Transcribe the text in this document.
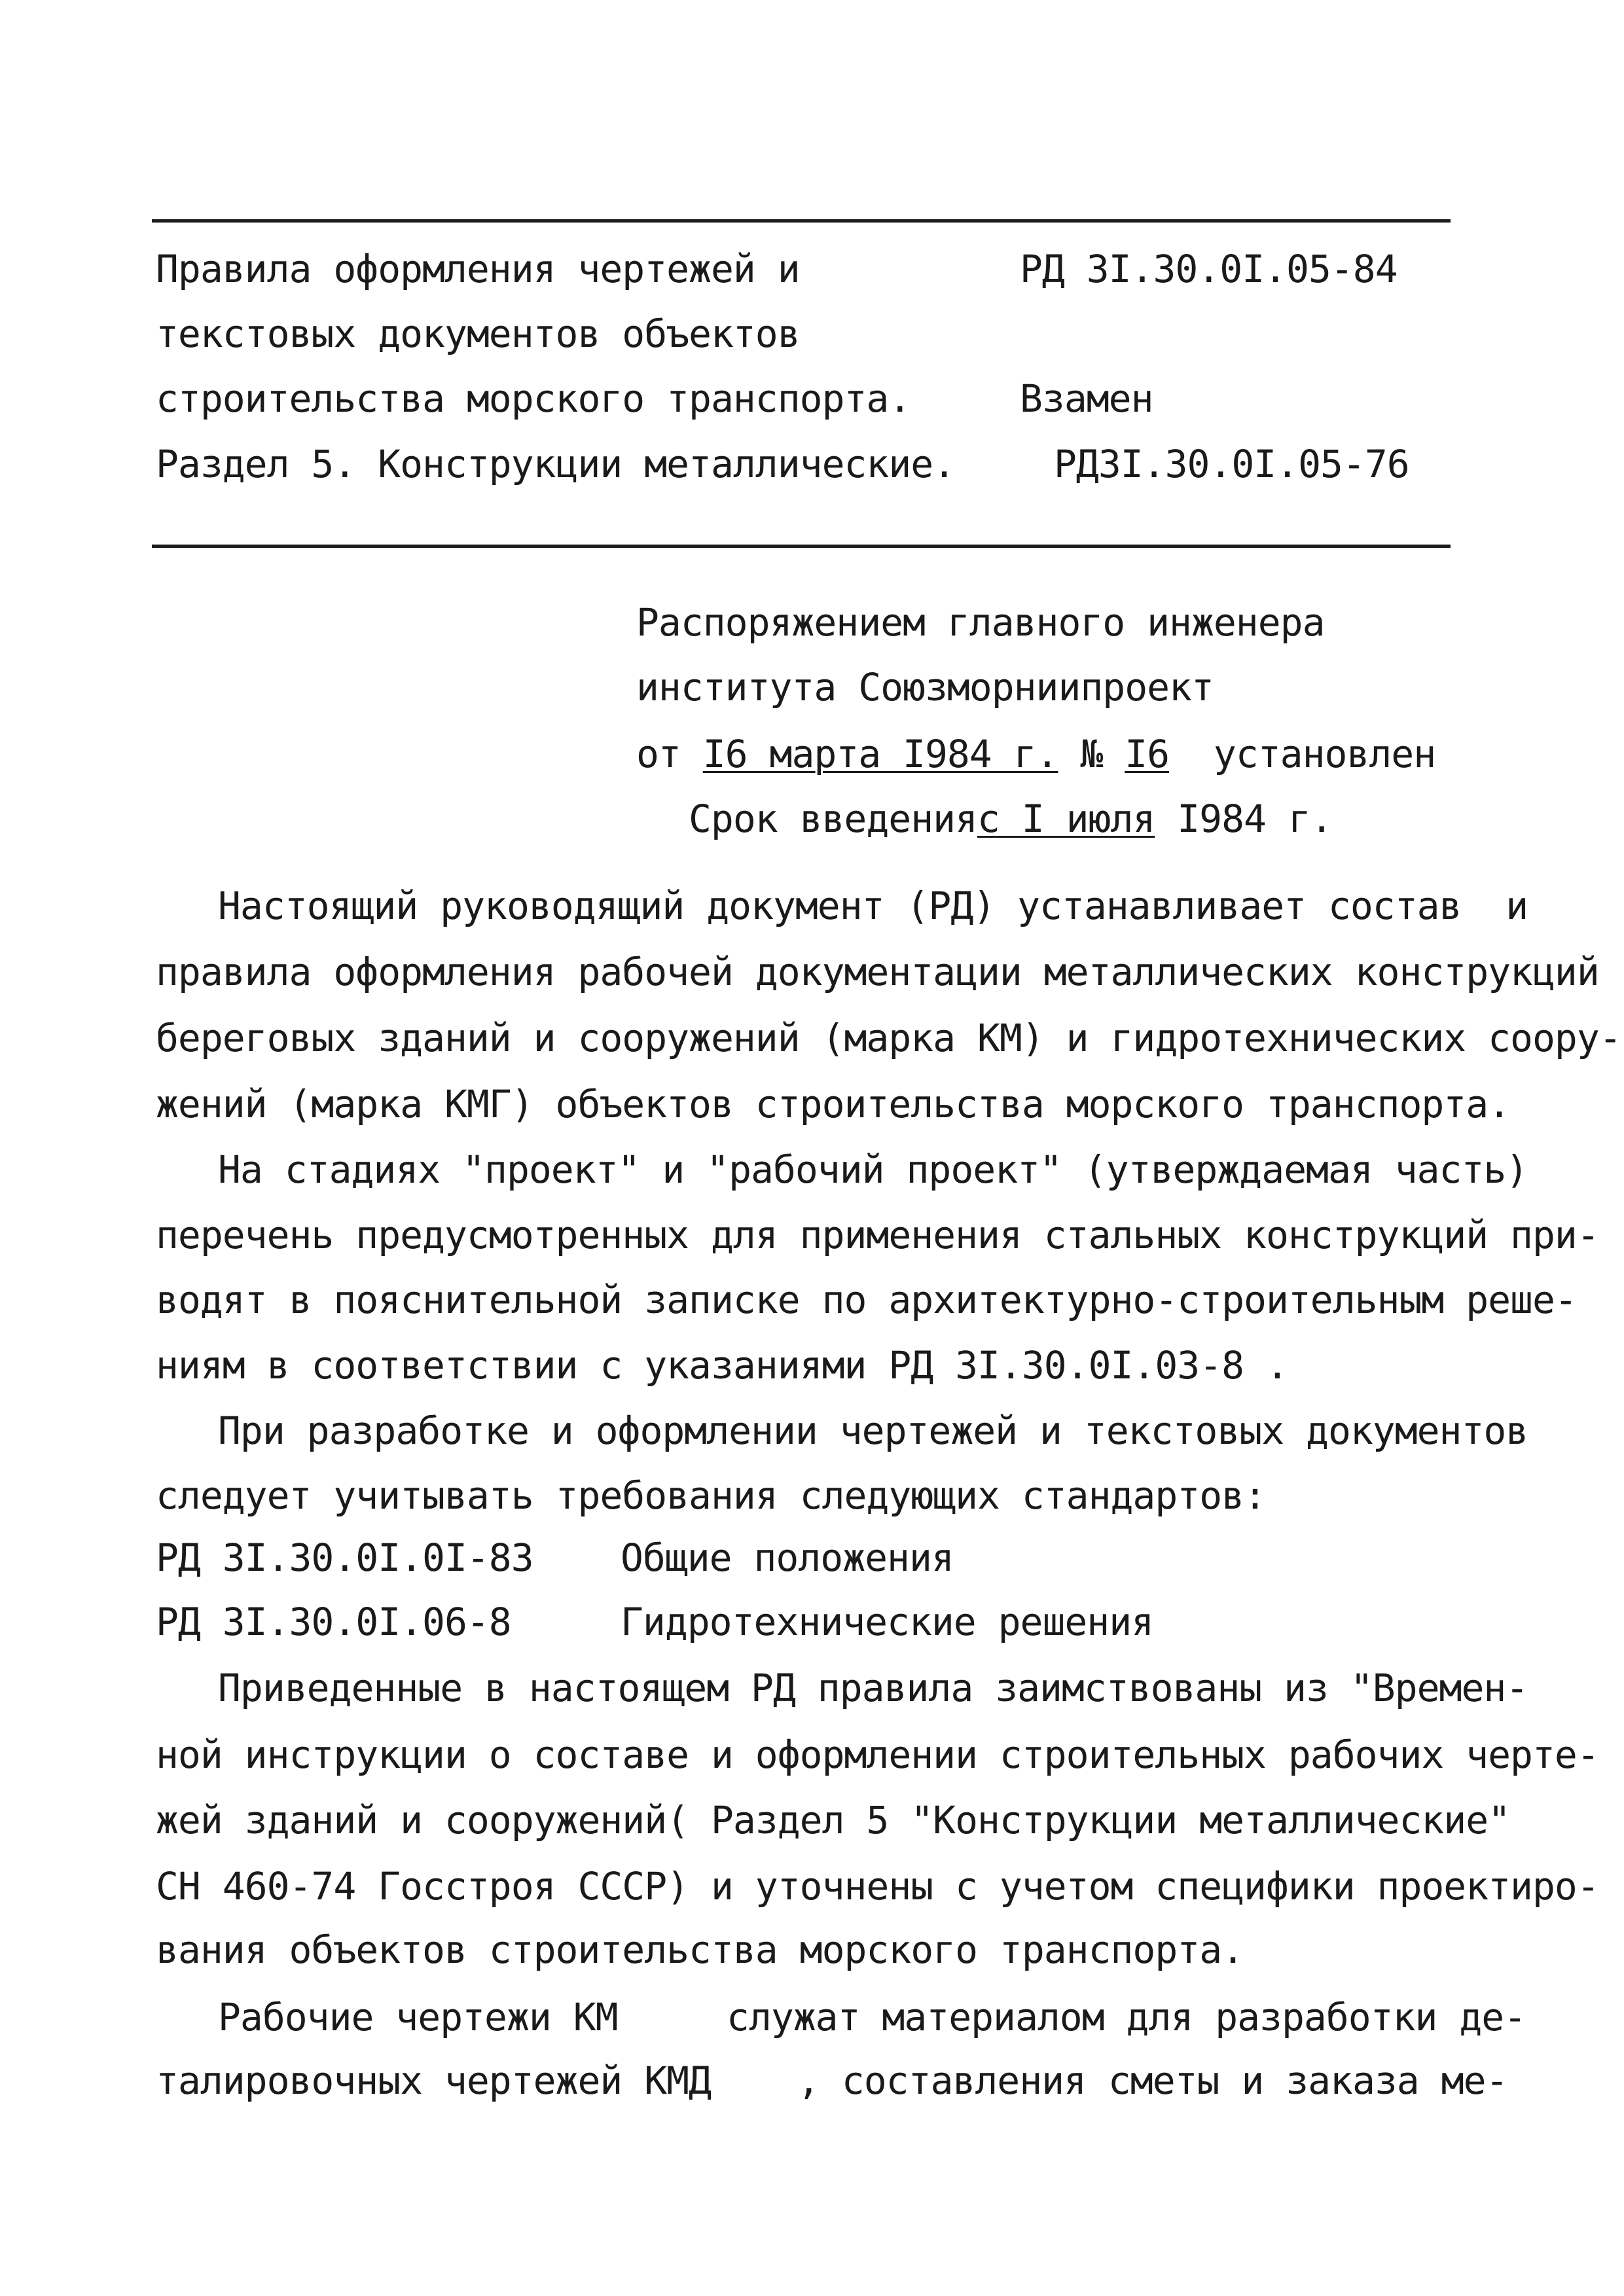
Правила оформления чертежей и
текстовых документов объектов
строительства морского транспорта.
Раздел 5. Конструкции металлические.
РД 3I.30.0I.05-84
Взамен
РД3I.30.0I.05-76
Распоряжением главного инженера
института Союзморниипроект
от I6 марта I984 г. № I6 установлен
Срок введенияс I июля I984 г.
Настоящий руководящий документ (РД) устанавливает состав  и
правила оформления рабочей документации металлических конструкций
береговых зданий и сооружений (марка КМ) и гидротехнических соору-
жений (марка КМГ) объектов строительства морского транспорта.
На стадиях "проект" и "рабочий проект" (утверждаемая часть)
перечень предусмотренных для применения стальных конструкций при-
водят в пояснительной записке по архитектурно-строительным реше-
ниям в соответствии с указаниями РД 3I.30.0I.03-8 .
При разработке и оформлении чертежей и текстовых документов
следует учитывать требования следующих стандартов:
РД 3I.30.0I.0I-83 Общие положения
РД 3I.30.0I.06-8	Гидротехнические решения
Приведенные в настоящем РД правила заимствованы из "Времен-
ной инструкции о составе и оформлении строительных рабочих черте-
жей зданий и сооружений( Раздел 5 "Конструкции металлические"
СН 460-74 Госстроя СССР) и уточнены с учетом специфики проектиро-
вания объектов строительства морского транспорта.
Рабочие чертежи КМ	служат материалом для разработки де-
талировочных чертежей КМД , составления сметы и заказа ме-
